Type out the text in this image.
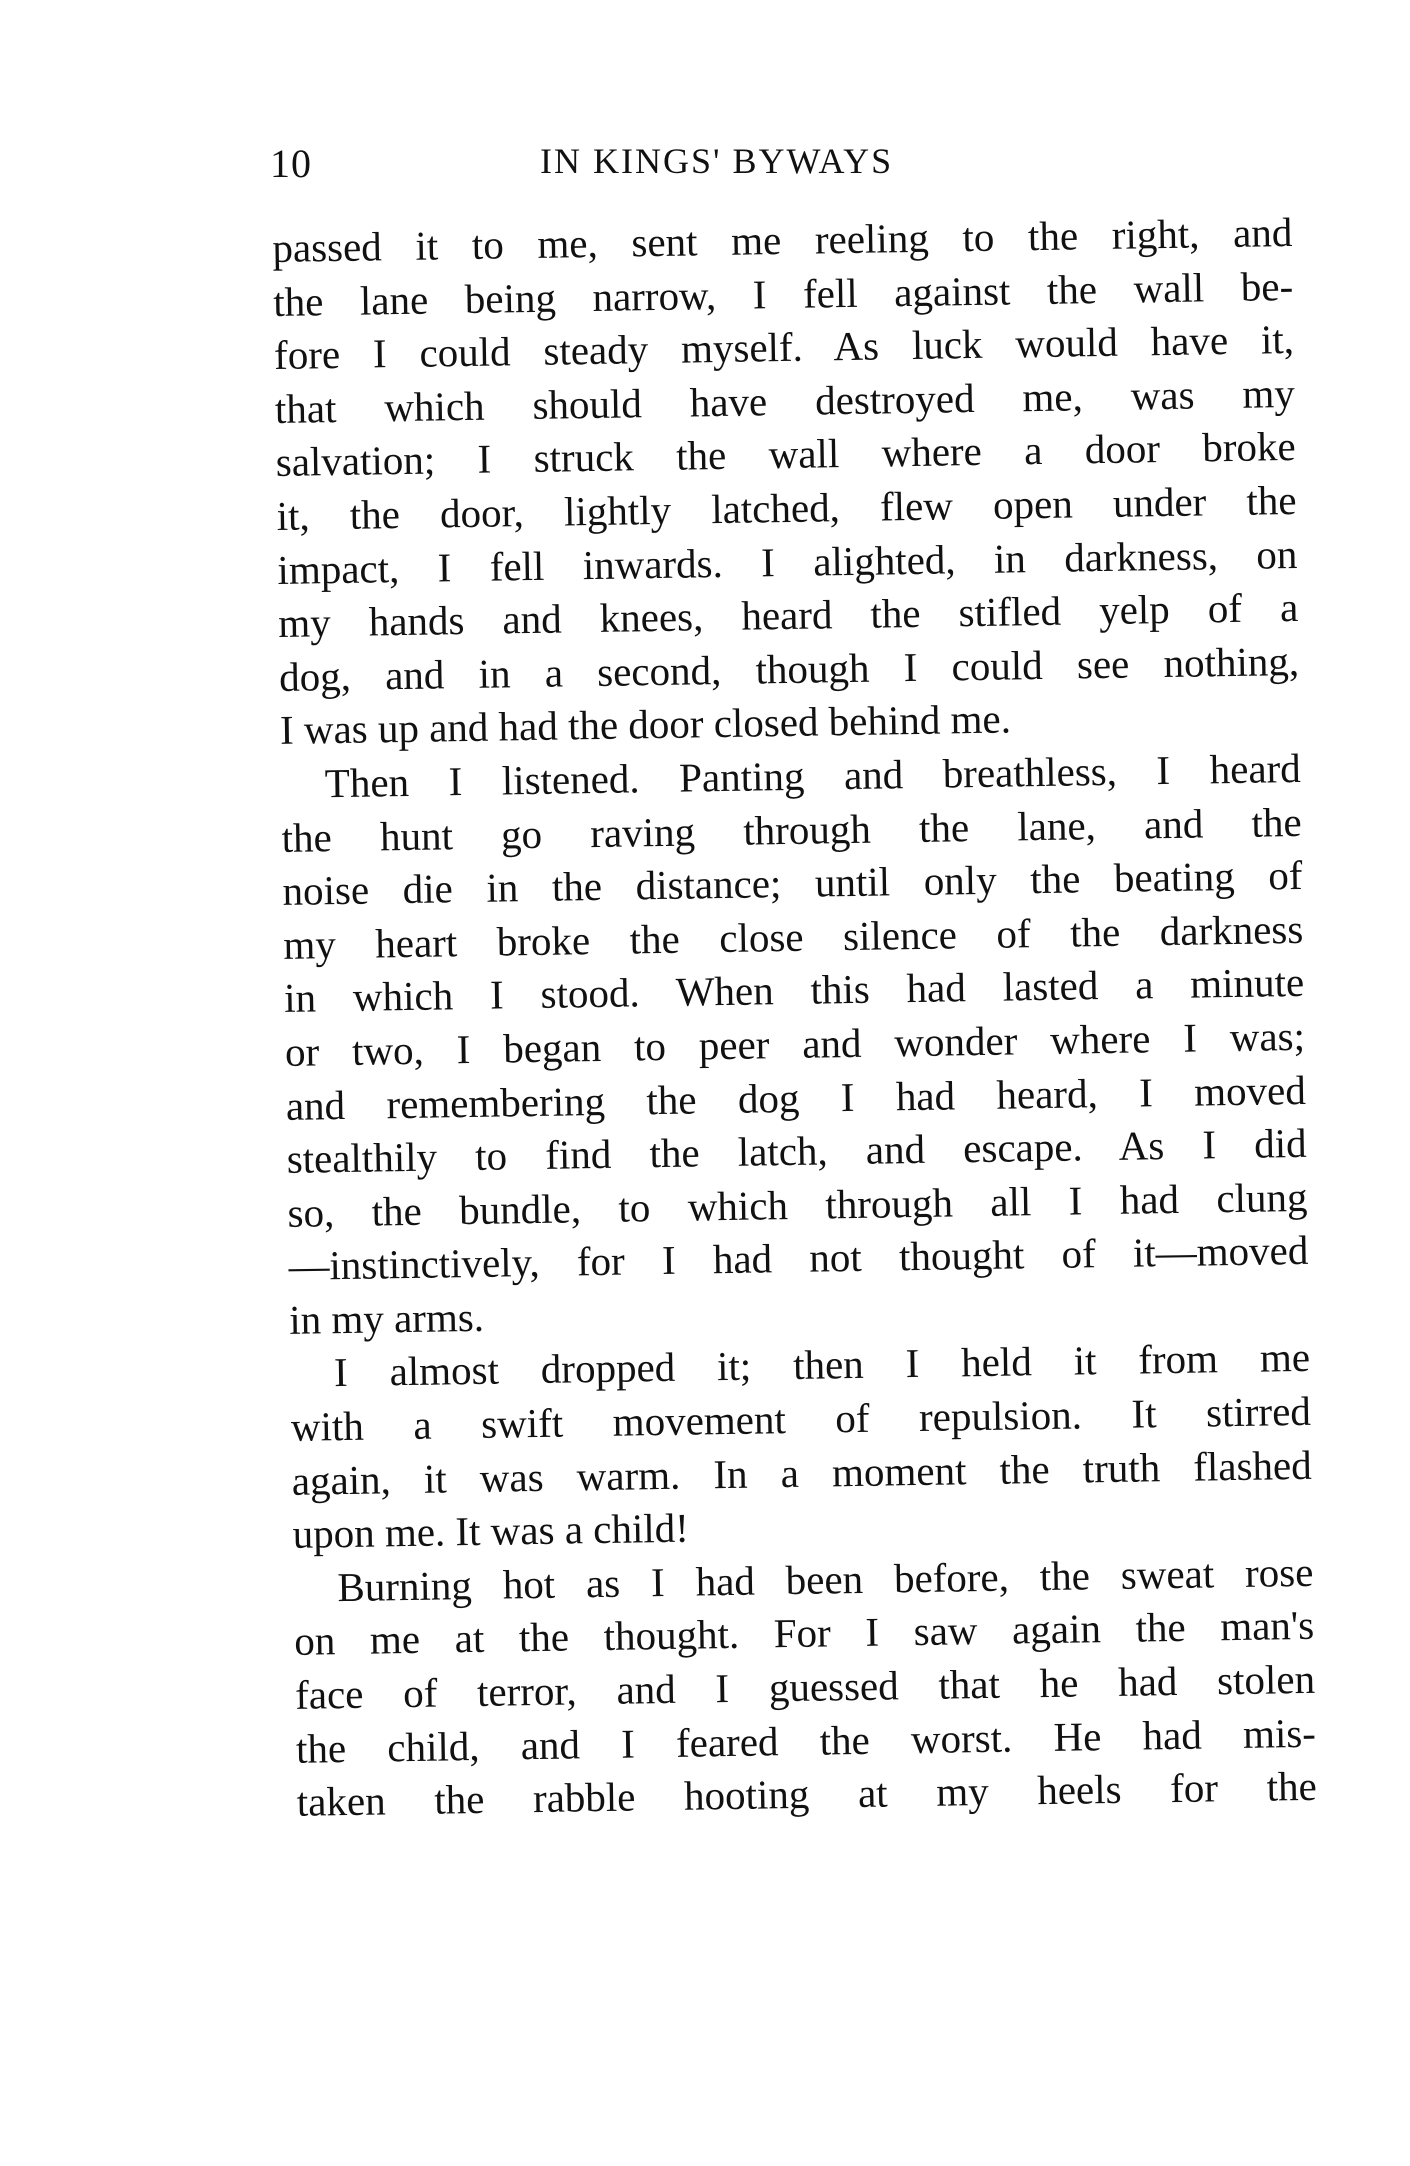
10	IN KINGS' BYWAYS
passed it to me, sent me reeling to the right, and
the lane being narrow, I fell against the wall be-
fore I could steady myself. As luck would have it,
that which should have destroyed me, was my
salvation; I struck the wall where a door broke
it, the door, lightly latched, flew open under the
impact, I fell inwards. I alighted, in darkness, on
my hands and knees, heard the stifled yelp of a
dog, and in a second, though I could see nothing,
I was up and had the door closed behind me.
Then I listened. Panting and breathless, I heard
the hunt go raving through the lane, and the
noise die in the distance; until only the beating of
my heart broke the close silence of the darkness
in which I stood. When this had lasted a minute
or two, I began to peer and wonder where I was;
and remembering the dog I had heard, I moved
stealthily to find the latch, and escape. As I did
so, the bundle, to which through all I had clung
—instinctively, for I had not thought of it—moved
in my arms.
I almost dropped it; then I held it from me
with a swift movement of repulsion. It stirred
again, it was warm. In a moment the truth flashed
upon me. It was a child!
Burning hot as I had been before, the sweat rose
on me at the thought. For I saw again the man's
face of terror, and I guessed that he had stolen
the child, and I feared the worst. He had mis-
taken the rabble hooting at my heels for the
